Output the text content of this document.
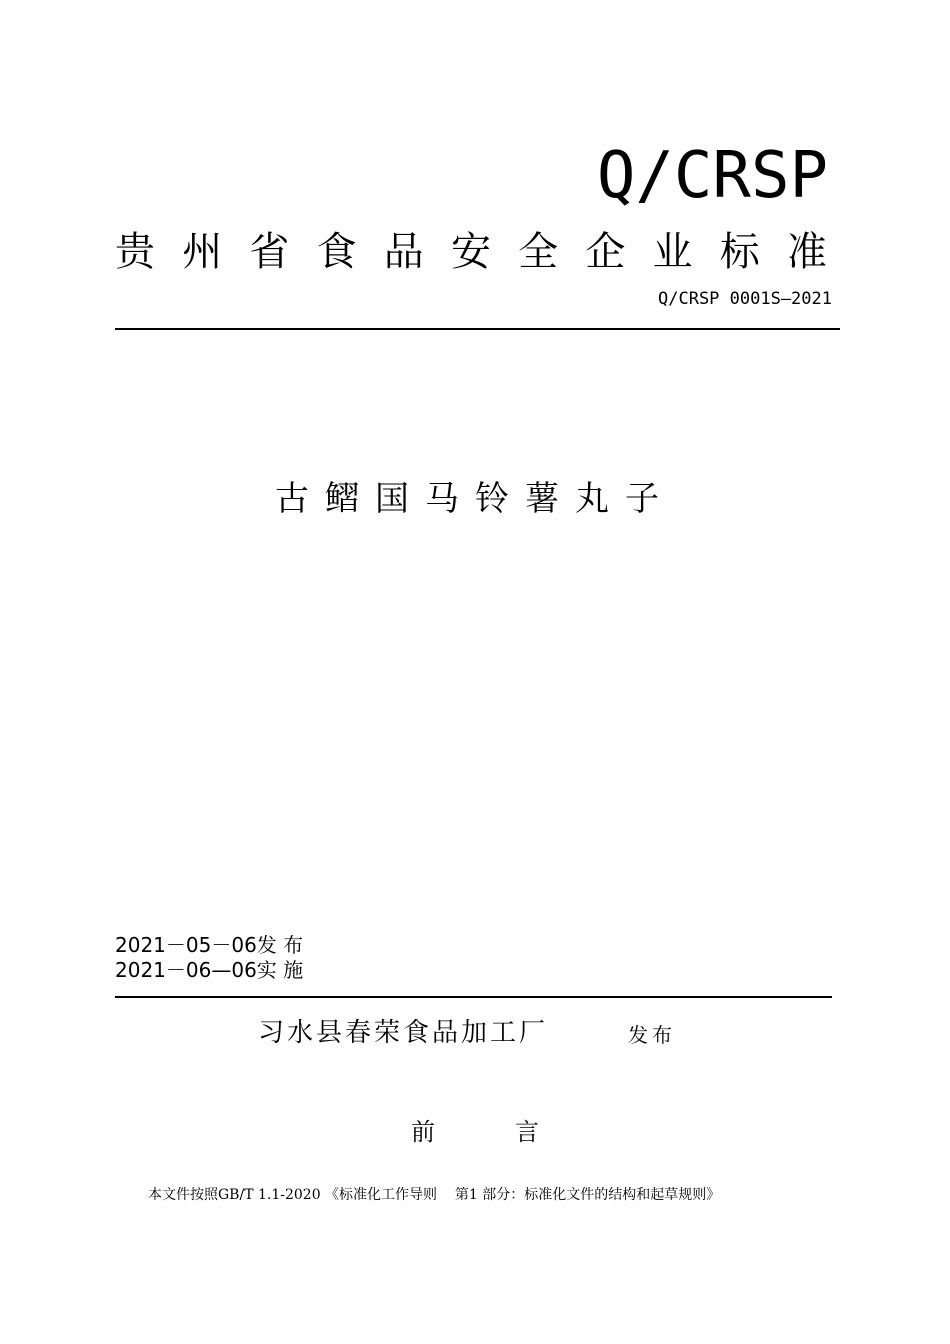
Q/CRSP
贵 州 省 食 品 安 全 企 业 标 准
Q/CRSP 0001S—2021
古鳛国马铃薯丸子
2021－05－06发 布
2021－06—06实 施
习水县春荣食品加工厂	发布
前	言
本文件按照GB/T 1.1-2020 《标准化工作导则    第1 部分：标准化文件的结构和起草规则》
